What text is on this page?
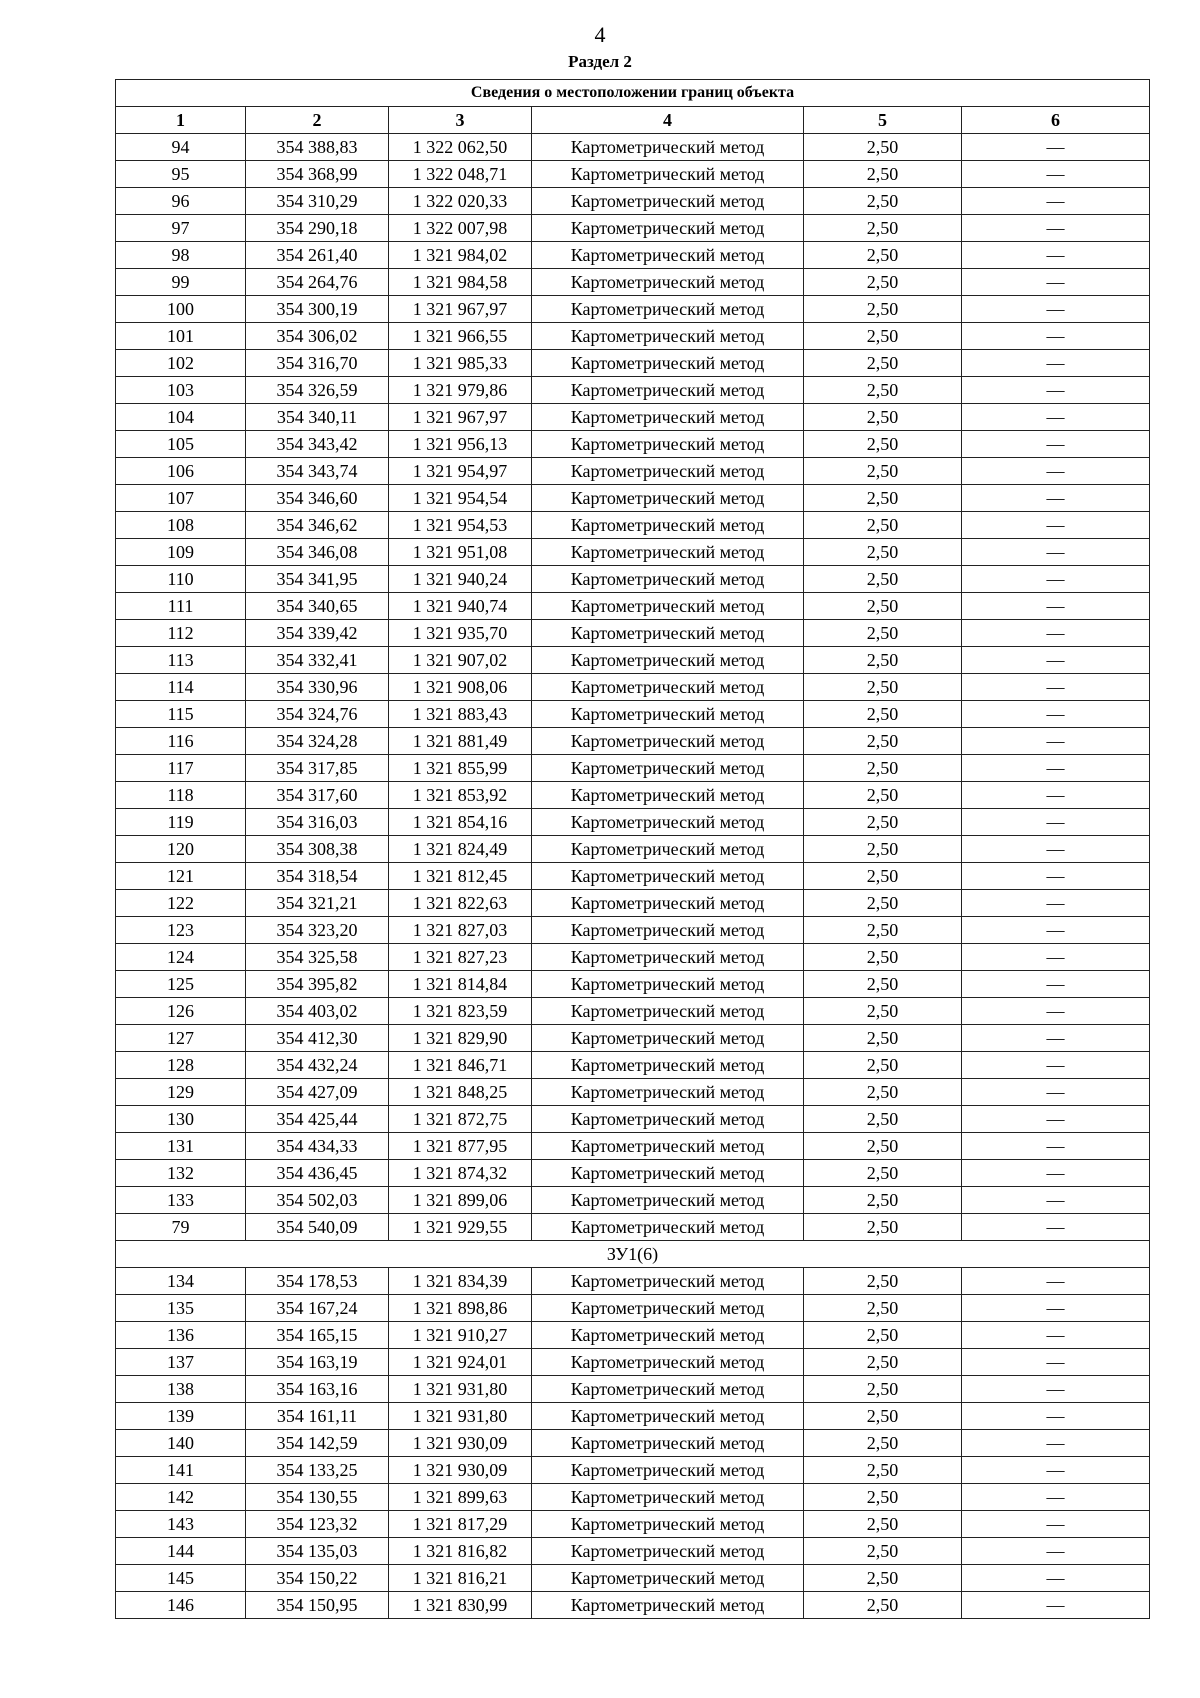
4
Раздел 2
Сведения о местоположении границ объекта					
1	2	3	4	5	6
94	354 388,83	1 322 062,50	Картометрический метод	2,50	—
95	354 368,99	1 322 048,71	Картометрический метод	2,50	—
96	354 310,29	1 322 020,33	Картометрический метод	2,50	—
97	354 290,18	1 322 007,98	Картометрический метод	2,50	—
98	354 261,40	1 321 984,02	Картометрический метод	2,50	—
99	354 264,76	1 321 984,58	Картометрический метод	2,50	—
100	354 300,19	1 321 967,97	Картометрический метод	2,50	—
101	354 306,02	1 321 966,55	Картометрический метод	2,50	—
102	354 316,70	1 321 985,33	Картометрический метод	2,50	—
103	354 326,59	1 321 979,86	Картометрический метод	2,50	—
104	354 340,11	1 321 967,97	Картометрический метод	2,50	—
105	354 343,42	1 321 956,13	Картометрический метод	2,50	—
106	354 343,74	1 321 954,97	Картометрический метод	2,50	—
107	354 346,60	1 321 954,54	Картометрический метод	2,50	—
108	354 346,62	1 321 954,53	Картометрический метод	2,50	—
109	354 346,08	1 321 951,08	Картометрический метод	2,50	—
110	354 341,95	1 321 940,24	Картометрический метод	2,50	—
111	354 340,65	1 321 940,74	Картометрический метод	2,50	—
112	354 339,42	1 321 935,70	Картометрический метод	2,50	—
113	354 332,41	1 321 907,02	Картометрический метод	2,50	—
114	354 330,96	1 321 908,06	Картометрический метод	2,50	—
115	354 324,76	1 321 883,43	Картометрический метод	2,50	—
116	354 324,28	1 321 881,49	Картометрический метод	2,50	—
117	354 317,85	1 321 855,99	Картометрический метод	2,50	—
118	354 317,60	1 321 853,92	Картометрический метод	2,50	—
119	354 316,03	1 321 854,16	Картометрический метод	2,50	—
120	354 308,38	1 321 824,49	Картометрический метод	2,50	—
121	354 318,54	1 321 812,45	Картометрический метод	2,50	—
122	354 321,21	1 321 822,63	Картометрический метод	2,50	—
123	354 323,20	1 321 827,03	Картометрический метод	2,50	—
124	354 325,58	1 321 827,23	Картометрический метод	2,50	—
125	354 395,82	1 321 814,84	Картометрический метод	2,50	—
126	354 403,02	1 321 823,59	Картометрический метод	2,50	—
127	354 412,30	1 321 829,90	Картометрический метод	2,50	—
128	354 432,24	1 321 846,71	Картометрический метод	2,50	—
129	354 427,09	1 321 848,25	Картометрический метод	2,50	—
130	354 425,44	1 321 872,75	Картометрический метод	2,50	—
131	354 434,33	1 321 877,95	Картометрический метод	2,50	—
132	354 436,45	1 321 874,32	Картометрический метод	2,50	—
133	354 502,03	1 321 899,06	Картометрический метод	2,50	—
79	354 540,09	1 321 929,55	Картометрический метод	2,50	—
ЗУ1(6)					
134	354 178,53	1 321 834,39	Картометрический метод	2,50	—
135	354 167,24	1 321 898,86	Картометрический метод	2,50	—
136	354 165,15	1 321 910,27	Картометрический метод	2,50	—
137	354 163,19	1 321 924,01	Картометрический метод	2,50	—
138	354 163,16	1 321 931,80	Картометрический метод	2,50	—
139	354 161,11	1 321 931,80	Картометрический метод	2,50	—
140	354 142,59	1 321 930,09	Картометрический метод	2,50	—
141	354 133,25	1 321 930,09	Картометрический метод	2,50	—
142	354 130,55	1 321 899,63	Картометрический метод	2,50	—
143	354 123,32	1 321 817,29	Картометрический метод	2,50	—
144	354 135,03	1 321 816,82	Картометрический метод	2,50	—
145	354 150,22	1 321 816,21	Картометрический метод	2,50	—
146	354 150,95	1 321 830,99	Картометрический метод	2,50	—
